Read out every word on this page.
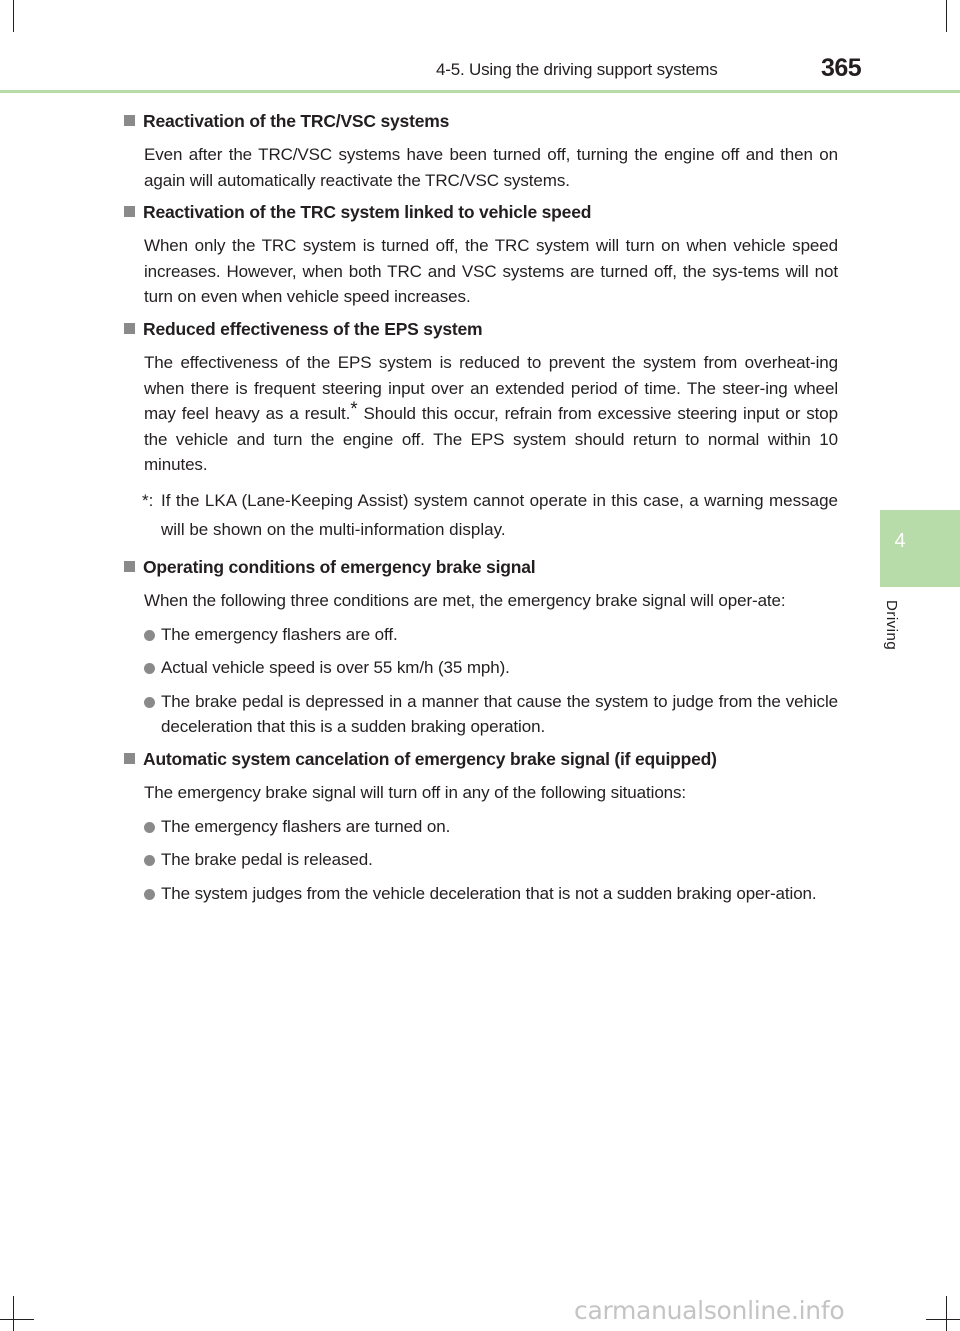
4-5. Using the driving support systems	365
4
Driving
Reactivation of the TRC/VSC systems
Even after the TRC/VSC systems have been turned off, turning the engine off and then on again will automatically reactivate the TRC/VSC systems.
Reactivation of the TRC system linked to vehicle speed
When only the TRC system is turned off, the TRC system will turn on when vehicle speed increases. However, when both TRC and VSC systems are turned off, the sys-tems will not turn on even when vehicle speed increases.
Reduced effectiveness of the EPS system
The effectiveness of the EPS system is reduced to prevent the system from overheat-ing when there is frequent steering input over an extended period of time. The steer-ing wheel may feel heavy as a result.* Should this occur, refrain from excessive steering input or stop the vehicle and turn the engine off. The EPS system should return to normal within 10 minutes.
*: If the LKA (Lane-Keeping Assist) system cannot operate in this case, a warning message will be shown on the multi-information display.
Operating conditions of emergency brake signal
When the following three conditions are met, the emergency brake signal will oper-ate:
The emergency flashers are off.
Actual vehicle speed is over 55 km/h (35 mph).
The brake pedal is depressed in a manner that cause the system to judge from the vehicle deceleration that this is a sudden braking operation.
Automatic system cancelation of emergency brake signal (if equipped)
The emergency brake signal will turn off in any of the following situations:
The emergency flashers are turned on.
The brake pedal is released.
The system judges from the vehicle deceleration that is not a sudden braking oper-ation.
carmanualsonline.info
